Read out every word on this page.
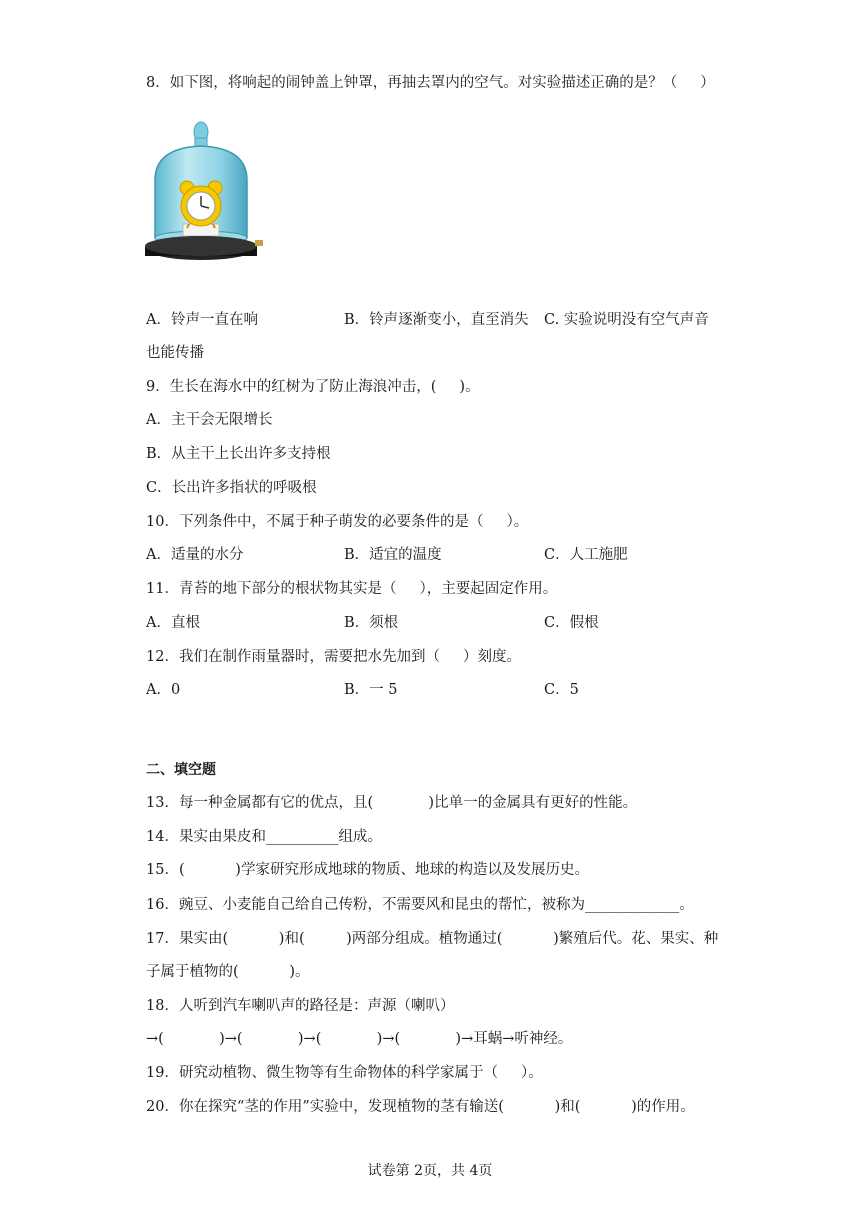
8．如下图，将响起的闹钟盖上钟罩，再抽去罩内的空气。对实验描述正确的是？（     ）
A．铃声一直在响	B．铃声逐渐变小，直至消失 C. 实验说明没有空气声音
也能传播
9．生长在海水中的红树为了防止海浪冲击，(     )。
A．主干会无限增长
B．从主干上长出许多支持根
C．长出许多指状的呼吸根
10．下列条件中，不属于种子萌发的必要条件的是（     ）。
A．适量的水分	B．适宜的温度	C．人工施肥
11．青苔的地下部分的根状物其实是（     ），主要起固定作用。
A．直根	B．须根	C．假根
12．我们在制作雨量器时，需要把水先加到（     ）刻度。
A．0	B．一 5	C．5
二、填空题
13．每一种金属都有它的优点，且(            )比单一的金属具有更好的性能。
14．果实由果皮和__________组成。
15．(           )学家研究形成地球的物质、地球的构造以及发展历史。
16．豌豆、小麦能自己给自己传粉，不需要风和昆虫的帮忙，被称为_____________。
17．果实由(           )和(         )两部分组成。植物通过(           )繁殖后代。花、果实、种
子属于植物的(           )。
18．人听到汽车喇叭声的路径是：声源（喇叭）
→(            )→(            )→(            )→(            )→耳蜗→听神经。
19．研究动植物、微生物等有生命物体的科学家属于（     ）。
20．你在探究“茎的作用”实验中，发现植物的茎有输送(           )和(           )的作用。
试卷第 2页，共 4页
